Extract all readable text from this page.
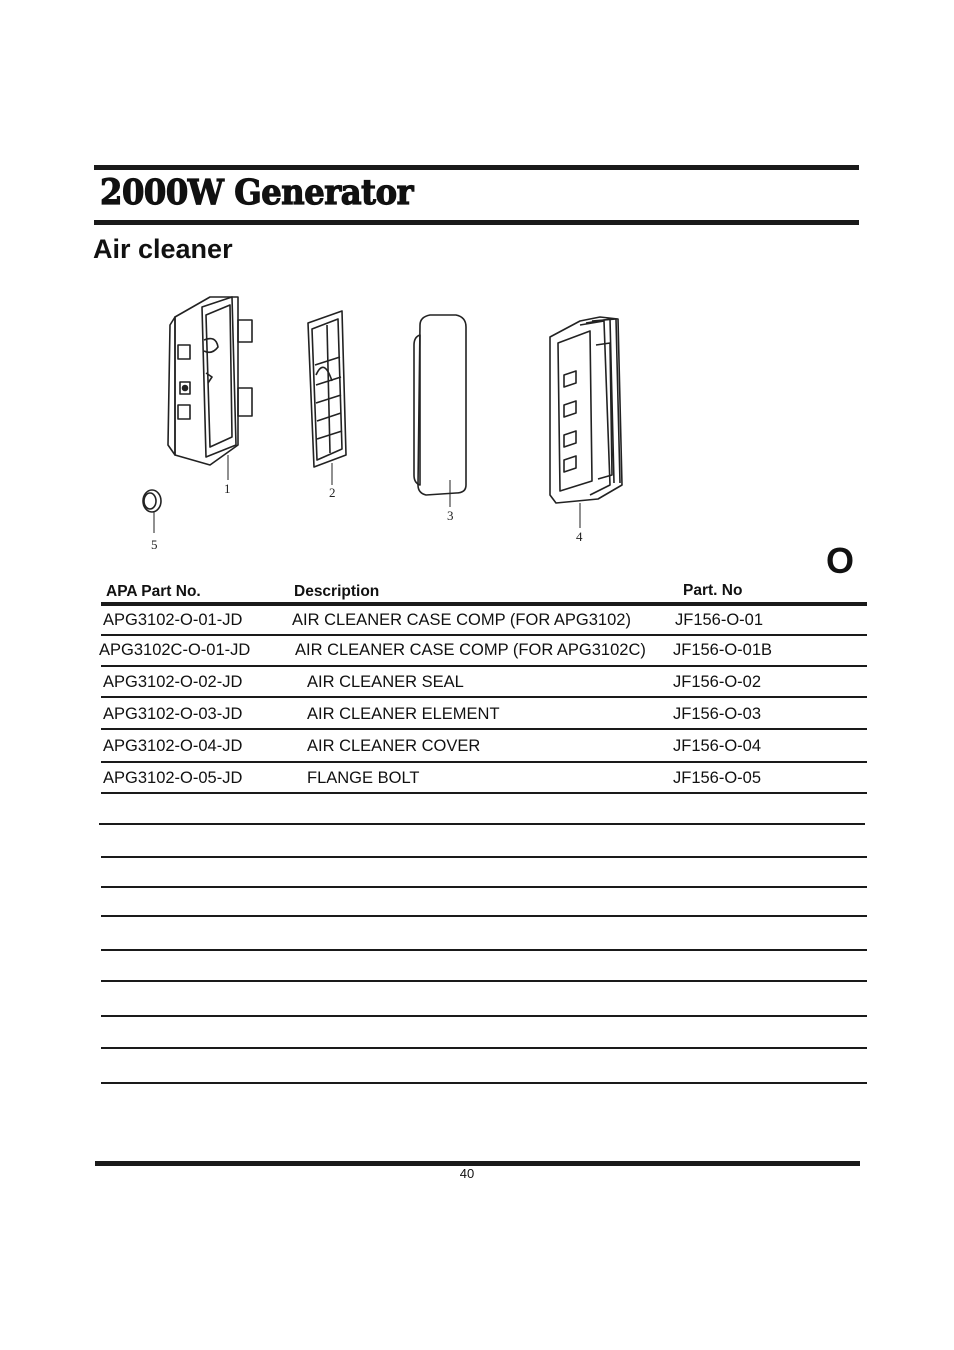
2000W Generator
Air cleaner
1	2
3
4
5	O
APA Part No.	Description	Part. No
APG3102-O-01-JD	AIR CLEANER CASE COMP (FOR APG3102)	JF156-O-01
APG3102C-O-01-JD	AIR CLEANER CASE COMP (FOR APG3102C) JF156-O-01B
APG3102-O-02-JD	AIR CLEANER SEAL	JF156-O-02
APG3102-O-03-JD	AIR CLEANER ELEMENT	JF156-O-03
APG3102-O-04-JD	AIR CLEANER COVER	JF156-O-04
APG3102-O-05-JD	FLANGE BOLT	JF156-O-05
40
